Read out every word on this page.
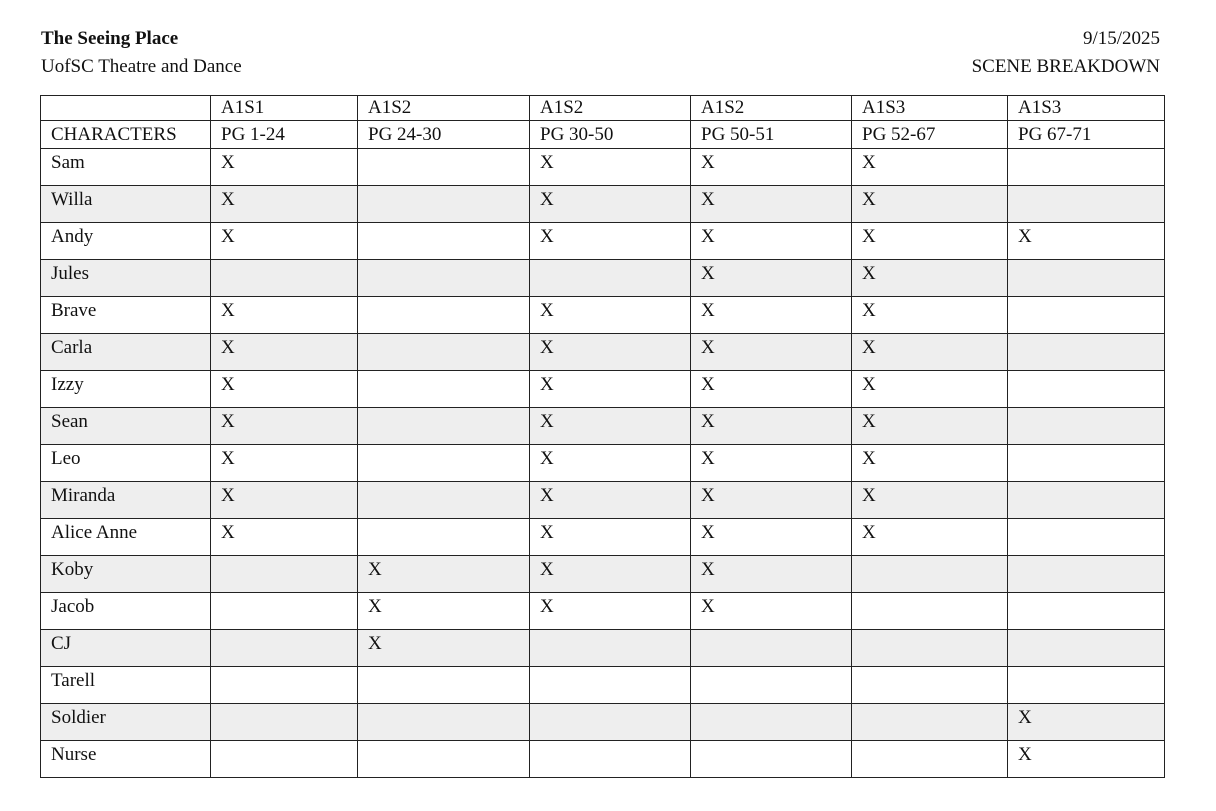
The Seeing Place
UofSC Theatre and Dance
9/15/2025
SCENE BREAKDOWN
	A1S1	A1S2	A1S2	A1S2	A1S3	A1S3
CHARACTERS	PG 1-24	PG 24-30	PG 30-50	PG 50-51	PG 52-67	PG 67-71
Sam	X		X	X	X	
Willa	X		X	X	X	
Andy	X		X	X	X	X
Jules				X	X	
Brave	X		X	X	X	
Carla	X		X	X	X	
Izzy	X		X	X	X	
Sean	X		X	X	X	
Leo	X		X	X	X	
Miranda	X		X	X	X	
Alice Anne	X		X	X	X	
Koby		X	X	X		
Jacob		X	X	X		
CJ		X				
Tarell						
Soldier						X
Nurse						X
